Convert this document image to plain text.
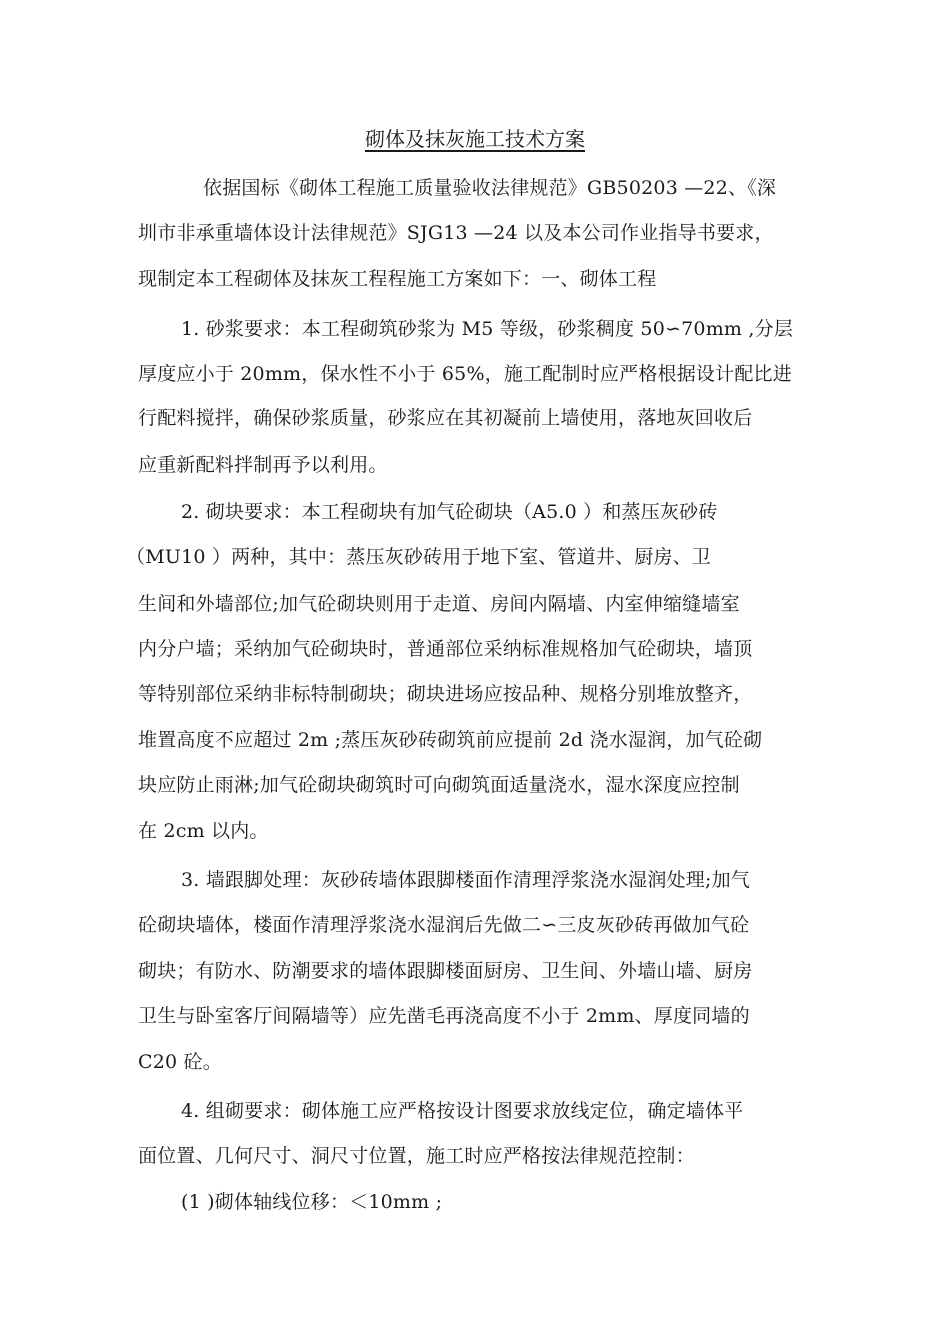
砌体及抹灰施工技术方案
依据国标《砌体工程施工质量验收法律规范》GB50203 —22、《深
圳市非承重墙体设计法律规范》SJG13 —24 以及本公司作业指导书要求，
现制定本工程砌体及抹灰工程程施工方案如下：一、砌体工程
1. 砂浆要求：本工程砌筑砂浆为 M5 等级，砂浆稠度 50∽70mm ,分层
厚度应小于 20mm，保水性不小于 65%，施工配制时应严格根据设计配比进
行配料搅拌，确保砂浆质量，砂浆应在其初凝前上墙使用，落地灰回收后
应重新配料拌制再予以利用。
2. 砌块要求：本工程砌块有加气砼砌块（A5.0 ）和蒸压灰砂砖
（MU10 ）两种，其中：蒸压灰砂砖用于地下室、管道井、厨房、卫
生间和外墙部位;加气砼砌块则用于走道、房间内隔墙、内室伸缩缝墙室
内分户墙；采纳加气砼砌块时，普通部位采纳标准规格加气砼砌块，墙顶
等特别部位采纳非标特制砌块；砌块进场应按品种、规格分别堆放整齐，
堆置高度不应超过 2m ;蒸压灰砂砖砌筑前应提前 2d 浇水湿润，加气砼砌
块应防止雨淋;加气砼砌块砌筑时可向砌筑面适量浇水，湿水深度应控制
在 2cm 以内。
3. 墙跟脚处理：灰砂砖墙体跟脚楼面作清理浮浆浇水湿润处理;加气
砼砌块墙体，楼面作清理浮浆浇水湿润后先做二∽三皮灰砂砖再做加气砼
砌块；有防水、防潮要求的墙体跟脚楼面厨房、卫生间、外墙山墙、厨房
卫生与卧室客厅间隔墙等）应先凿毛再浇高度不小于 2mm、厚度同墙的
C20 砼。
4. 组砌要求：砌体施工应严格按设计图要求放线定位，确定墙体平
面位置、几何尺寸、洞尺寸位置，施工时应严格按法律规范控制：
(1 )砌体轴线位移：＜10mm ;
